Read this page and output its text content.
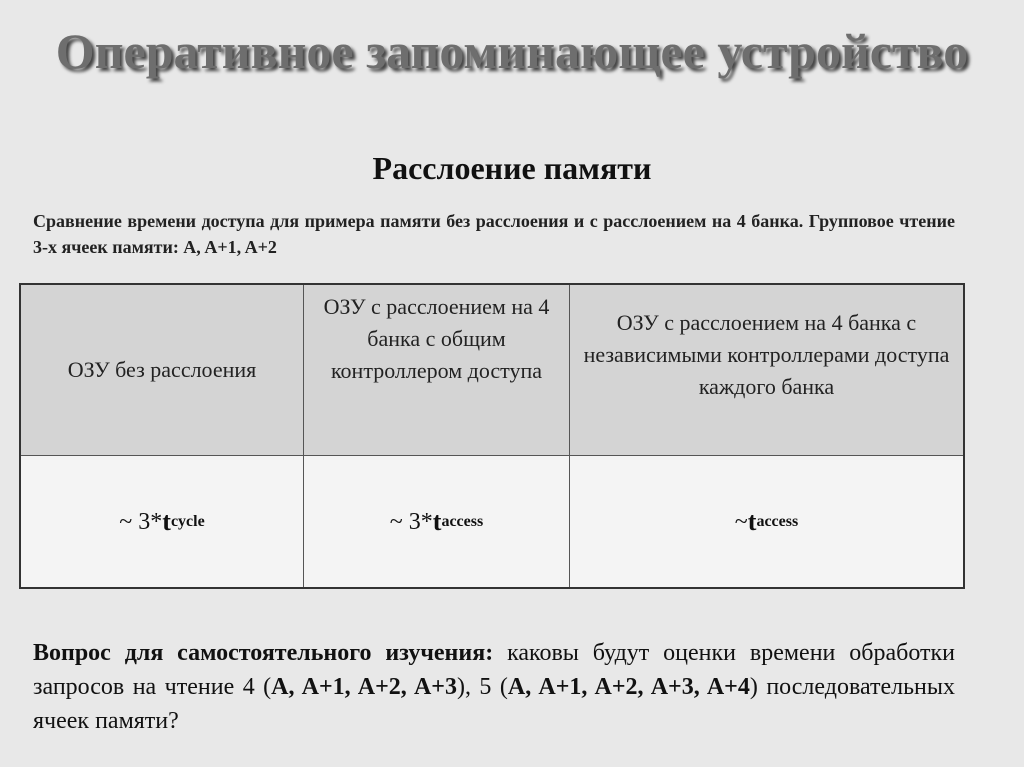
Оперативное запоминающее устройство
Расслоение памяти
Сравнение времени доступа для примера памяти без расслоения и с расслоением на 4 банка. Групповое чтение 3-х ячеек памяти: A, A+1, A+2
ОЗУ без расслоения
ОЗУ с расслоением на 4 банка с общим контроллером доступа
ОЗУ с расслоением на 4 банка с независимыми контроллерами доступа каждого банка
~ 3* t cycle	~ 3* t access	~ t access
Вопрос для самостоятельного изучения: каковы будут оценки времени обработки запросов на чтение 4 (A, A+1, A+2, A+3), 5 (A, A+1, A+2, A+3, A+4) последовательных ячеек памяти?
